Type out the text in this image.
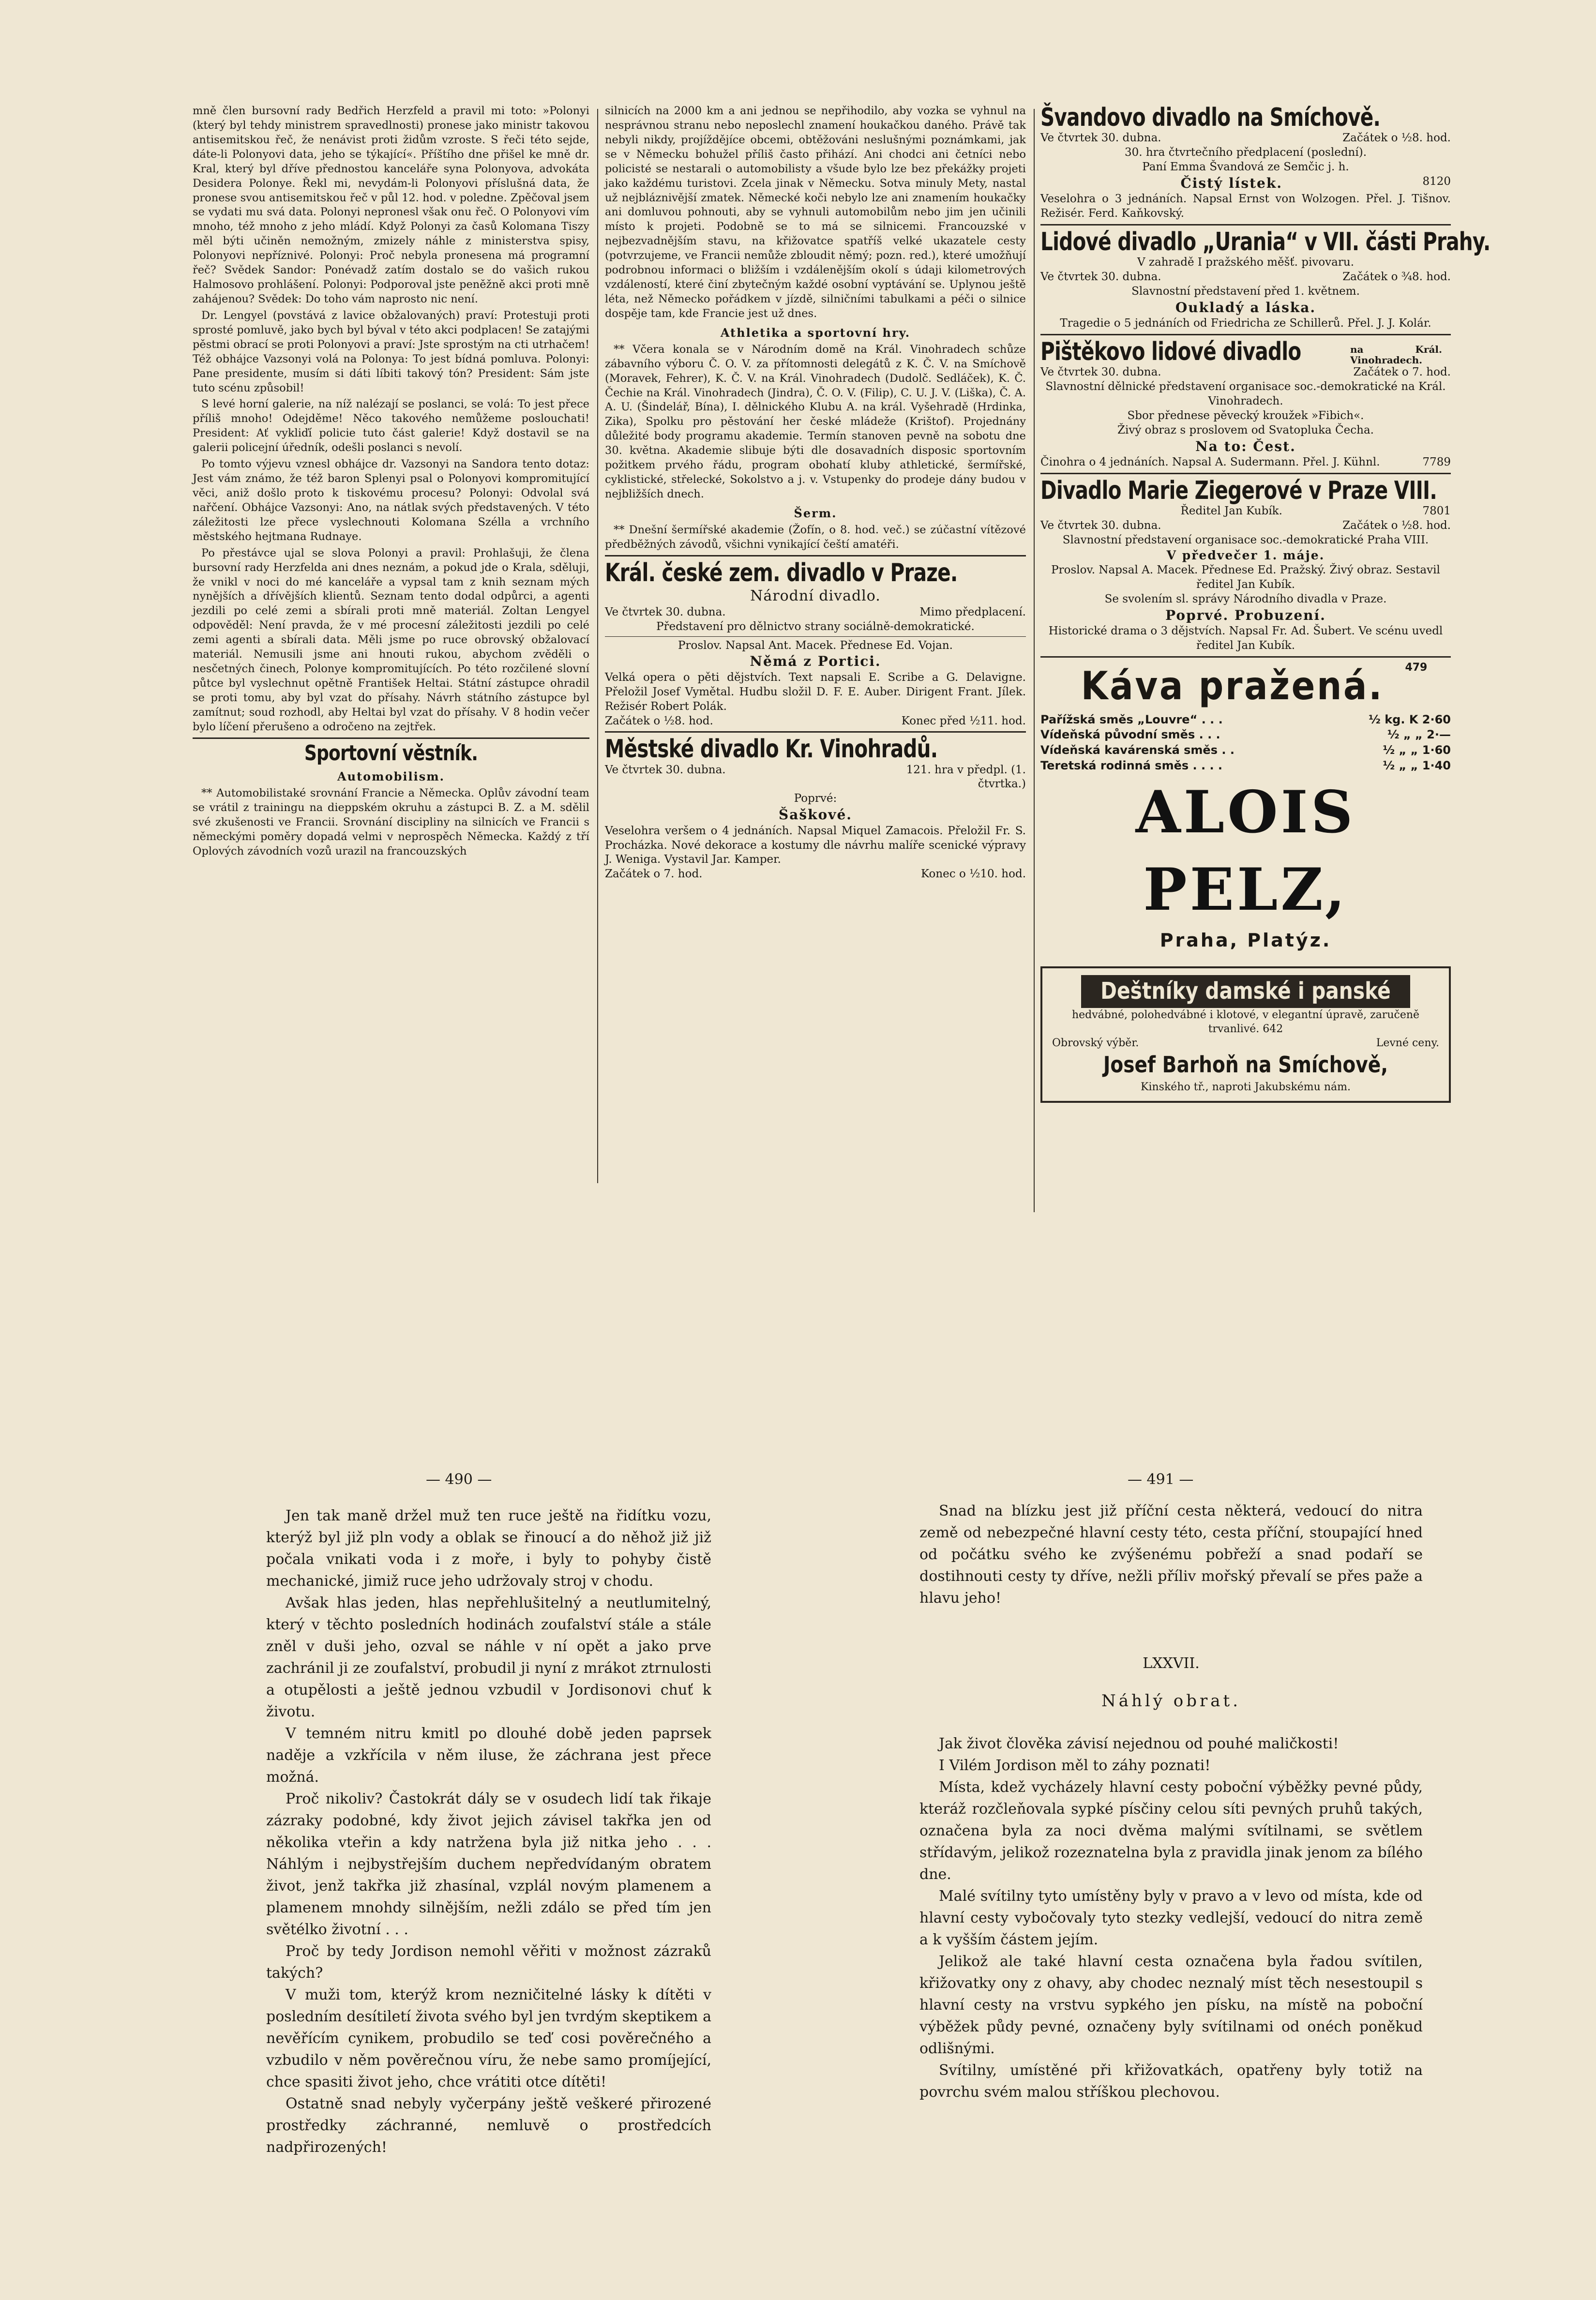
mně člen bursovní rady Bedřich Herzfeld a pravil mi toto: »Polonyi (který byl tehdy ministrem spravedlnosti) pronese jako ministr takovou antisemitskou řeč, že nenávist proti židům vzroste. S řeči této sejde, dáte-li Polonyovi data, jeho se týkající«. Příštího dne přišel ke mně dr. Kral, který byl dříve přednostou kanceláře syna Polonyova, advokáta Desidera Polonye. Řekl mi, nevydám-li Polonyovi příslušná data, že pronese svou antisemitskou řeč v půl 12. hod. v poledne. Zpěčoval jsem se vydati mu svá data. Polonyi nepronesl však onu řeč. O Polonyovi vím mnoho, též mnoho z jeho mládí. Když Polonyi za časů Kolomana Tiszy měl býti učiněn nemožným, zmizely náhle z ministerstva spisy, Polonyovi nepříznivé. Polonyi: Proč nebyla pronesena má programní řeč? Svědek Sandor: Ponévadž zatím dostalo se do vašich rukou Halmosovo prohlášení. Polonyi: Podporoval jste peněžně akci proti mně zahájenou? Svědek: Do toho vám naprosto nic není.

Dr. Lengyel (povstává z lavice obžalovaných) praví: Protestuji proti sprosté pomluvě, jako bych byl býval v této akci podplacen! Se zatajými pěstmi obrací se proti Polonyovi a praví: Jste sprostým na cti utrhačem! Též obhájce Vazsonyi volá na Polonya: To jest bídná pomluva. Polonyi: Pane presidente, musím si dáti líbiti takový tón? President: Sám jste tuto scénu způsobil!

S levé horní galerie, na níž nalézají se poslanci, se volá: To jest přece příliš mnoho! Odejděme! Něco takového nemůžeme poslouchati! President: Ať vykliďí policie tuto část galerie! Když dostavil se na galerii policejní úředník, odešli poslanci s nevolí.

Po tomto výjevu vznesl obhájce dr. Vazsonyi na Sandora tento dotaz: Jest vám známo, že též baron Splenyi psal o Polonyovi kompromitující věci, aniž došlo proto k tiskovému procesu? Polonyi: Odvolal svá nařčení. Obhájce Vazsonyi: Ano, na nátlak svých představených. V této záležitosti lze přece vyslechnouti Kolomana Szélla a vrchního městského hejtmana Rudnaye.

Po přestávce ujal se slova Polonyi a pravil: Prohlašuji, že člena bursovní rady Herzfelda ani dnes neznám, a pokud jde o Krala, sděluji, že vnikl v noci do mé kanceláře a vypsal tam z knih seznam mých nynějších a dřívějších klientů. Seznam tento dodal odpůrci, a agenti jezdili po celé zemi a sbírali proti mně materiál. Zoltan Lengyel odpověděl: Není pravda, že v mé procesní záležitosti jezdili po celé zemi agenti a sbírali data. Měli jsme po ruce obrovský obžalovací materiál. Nemusili jsme ani hnouti rukou, abychom zvěděli o nesčetných činech, Polonye kompromitujících. Po této rozčilené slovní půtce byl vyslechnut opětně František Heltai. Státní zástupce ohradil se proti tomu, aby byl vzat do přísahy. Návrh státního zástupce byl zamítnut; soud rozhodl, aby Heltai byl vzat do přísahy. V 8 hodin večer bylo líčení přerušeno a odročeno na zejtřek.

Sportovní věstník.
Automobilism.

** Automobilistaké srovnání Francie a Německa. Oplův závodní team se vrátil z trainingu na dieppském okruhu a zástupci B. Z. a M. sdělil své zkušenosti ve Francii. Srovnání discipliny na silnicích ve Francii s německými poměry dopadá velmi v neprospěch Německa. Každý z tří Oplových závodních vozů urazil na francouzských

silnicích na 2000 km a ani jednou se nepřihodilo, aby vozka se vyhnul na nesprávnou stranu nebo neposlechl znamení houkačkou daného. Právě tak nebyli nikdy, projíždějíce obcemi, obtěžováni neslušnými poznámkami, jak se v Německu bohužel příliš často přihází. Ani chodci ani četníci nebo policisté se nestarali o automobilisty a všude bylo lze bez překážky projeti jako každému turistovi. Zcela jinak v Německu. Sotva minuly Mety, nastal už nejbláznivější zmatek. Německé koči nebylo lze ani znamením houkačky ani domluvou pohnouti, aby se vyhnuli automobilům nebo jim jen učinili místo k projeti. Podobně se to má se silnicemi. Francouzské v nejbezvadnějším stavu, na křižovatce spatříš velké ukazatele cesty (potvrzujeme, ve Francii nemůže zbloudit němý; pozn. red.), které umožňují podrobnou informaci o bližším i vzdálenějším okolí s údaji kilometrových vzdáleností, které činí zbytečným každé osobní vyptávání se. Uplynou ještě léta, než Německo pořádkem v jízdě, silničními tabulkami a péči o silnice dospěje tam, kde Francie jest už dnes.

Athletika a sportovní hry.

** Včera konala se v Národním domě na Král. Vinohradech schůze zábavního výboru Č. O. V. za přítomnosti delegátů z K. Č. V. na Smíchově (Moravek, Fehrer), K. Č. V. na Král. Vinohradech (Dudolč. Sedláček), K. Č. Čechie na Král. Vinohradech (Jindra), Č. O. V. (Filip), C. U. J. V. (Liška), Č. A. A. U. (Šindelář, Bína), I. dělnického Klubu A. na král. Vyšehradě (Hrdinka, Zika), Spolku pro pěstování her české mládeže (Krištof). Projednány důležité body programu akademie. Termín stanoven pevně na sobotu dne 30. května. Akademie slibuje býti dle dosavadních disposic sportovním požitkem prvého řádu, program obohatí kluby athletické, šermířské, cyklistické, střelecké, Sokolstvo a j. v. Vstupenky do prodeje dány budou v nejbližších dnech.

Šerm.

** Dnešní šermířské akademie (Žofín, o 8. hod. več.) se zúčastní vítězové předběžných závodů, všichni vynikající čeští amatéři.

Král. české zem. divadlo v Praze.
Národní divadlo.
Ve čtvrtek 30. dubna.	Mimo předplacení.
Představení pro dělnictvo strany sociálně-demokratické.
Proslov. Napsal Ant. Macek. Přednese Ed. Vojan.
Němá z Portici.
Velká opera o pěti dějstvích. Text napsali E. Scribe a G. Delavigne. Přeložil Josef Vymětal. Hudbu složil D. F. E. Auber. Dirigent Frant. Jílek. Režisér Robert Polák.
Začátek o ½8. hod.	Konec před ½11. hod.
Městské divadlo Kr. Vinohradů.
Ve čtvrtek 30. dubna.	121. hra v předpl. (1. čtvrtka.)
Poprvé:
Šaškové.
Veselohra veršem o 4 jednáních. Napsal Miquel Zamacois. Přeložil Fr. S. Procházka. Nové dekorace a kostumy dle návrhu malíře scenické výpravy J. Weniga. Vystavil Jar. Kamper.
Začátek o 7. hod.	Konec o ½10. hod.
Švandovo divadlo na Smíchově.
Ve čtvrtek 30. dubna.	Začátek o ½8. hod.
30. hra čtvrtečního předplacení (poslední).
Paní Emma Švandová ze Semčic j. h.
Čistý lístek.	8120
Veselohra o 3 jednáních. Napsal Ernst von Wolzogen. Přel. J. Tišnov. Režisér. Ferd. Kaňkovský.
Lidové divadlo „Urania“ v VII. části Prahy.
V zahradě I pražského měšť. pivovaru.
Ve čtvrtek 30. dubna.	Začátek o ¾8. hod.
Slavnostní představení před 1. květnem.
Oukladý a láska.
Tragedie o 5 jednáních od Friedricha ze Schillerů. Přel. J. J. Kolár.
Pištěkovo lidové divadlo	na Král. Vinohradech.
Ve čtvrtek 30. dubna.	Začátek o 7. hod.
Slavnostní dělnické představení organisace soc.-demokratické na Král. Vinohradech.
Sbor přednese pěvecký kroužek »Fibich«.
Živý obraz s proslovem od Svatopluka Čecha.
Na to: Čest.
Činohra o 4 jednáních. Napsal A. Sudermann. Přel. J. Kühnl.	7789
Divadlo Marie Ziegerové v Praze VIII.
Ředitel Jan Kubík.	7801
Ve čtvrtek 30. dubna.	Začátek o ½8. hod.
Slavnostní představení organisace soc.-demokratické Praha VIII.
V předvečer 1. máje.
Proslov. Napsal A. Macek. Přednese Ed. Pražský. Živý obraz. Sestavil ředitel Jan Kubík.
Se svolením sl. správy Národního divadla v Praze.
Poprvé. Probuzení.
Historické drama o 3 dějstvích. Napsal Fr. Ad. Šubert. Ve scénu uvedl ředitel Jan Kubík.
Káva pražená. 479
Pařížská směs „Louvre“ . . .	½ kg. K 2·60
Vídeňská původní směs . . .	½ „ „ 2·—
Vídeňská kavárenská směs . .	½ „ „ 1·60
Teretská rodinná směs . . . .	½ „ „ 1·40
ALOIS PELZ,
Praha, Platýz.
Deštníky damské i panské
hedvábné, polohedvábné i klotové, v elegantní úpravě, zaručeně trvanlivé. 642
Obrovský výběr.	Levné ceny.
Josef Barhoň na Smíchově,
Kinského tř., naproti Jakubskému nám.
— 490 —	— 491 —

Jen tak maně držel muž ten ruce ještě na řidítku vozu, kterýž byl již pln vody a oblak se řinoucí a do něhož již již počala vnikati voda i z moře, i byly to pohyby čistě mechanické, jimiž ruce jeho udržovaly stroj v chodu.

Avšak hlas jeden, hlas nepřehlušitelný a neutlumitelný, který v těchto posledních hodinách zoufalství stále a stále zněl v duši jeho, ozval se náhle v ní opět a jako prve zachránil ji ze zoufalství, probudil ji nyní z mrákot ztrnulosti a otupělosti a ještě jednou vzbudil v Jordisonovi chuť k životu.

V temném nitru kmitl po dlouhé době jeden paprsek naděje a vzkřícila v něm iluse, že záchrana jest přece možná.

Proč nikoliv? Častokrát dály se v osudech lidí tak řikaje zázraky podobné, kdy život jejich závisel takřka jen od několika vteřin a kdy natržena byla již nitka jeho . . . Náhlým i nejbystřejším duchem nepředvídaným obratem život, jenž takřka již zhasínal, vzplál novým plamenem a plamenem mnohdy silnějším, nežli zdálo se před tím jen světélko životní . . .

Proč by tedy Jordison nemohl věřiti v možnost zázraků takých?

V muži tom, kterýž krom nezničitelné lásky k dítěti v posledním desítiletí života svého byl jen tvrdým skeptikem a nevěřícím cynikem, probudilo se teď cosi pověrečného a vzbudilo v něm pověrečnou víru, že nebe samo promíjející, chce spasiti život jeho, chce vrátiti otce dítěti!

Ostatně snad nebyly vyčerpány ještě veškeré přirozené prostředky záchranné, nemluvě o prostředcích nadpřirozených!

Snad na blízku jest již příční cesta některá, vedoucí do nitra země od nebezpečné hlavní cesty této, cesta příční, stoupající hned od počátku svého ke zvýšenému pobřeží a snad podaří se dostihnouti cesty ty dříve, nežli příliv mořský převalí se přes paže a hlavu jeho!

LXXVII.
Náhlý obrat.

Jak život člověka závisí nejednou od pouhé maličkosti!

I Vilém Jordison měl to záhy poznati!

Místa, kdež vycházely hlavní cesty poboční výběžky pevné půdy, kteráž rozčleňovala sypké písčiny celou síti pevných pruhů takých, označena byla za noci dvěma malými svítilnami, se světlem střídavým, jelikož rozeznatelna byla z pravidla jinak jenom za bílého dne.

Malé svítilny tyto umístěny byly v pravo a v levo od místa, kde od hlavní cesty vybočovaly tyto stezky vedlejší, vedoucí do nitra země a k vyšším částem jejím.

Jelikož ale také hlavní cesta označena byla řadou svítilen, křižovatky ony z ohavy, aby chodec neznalý míst těch nesestoupil s hlavní cesty na vrstvu sypkého jen písku, na místě na poboční výběžek půdy pevné, označeny byly svítilnami od onéch poněkud odlišnými.

Svítilny, umístěné při křižovatkách, opatřeny byly totiž na povrchu svém malou stříškou plechovou.
